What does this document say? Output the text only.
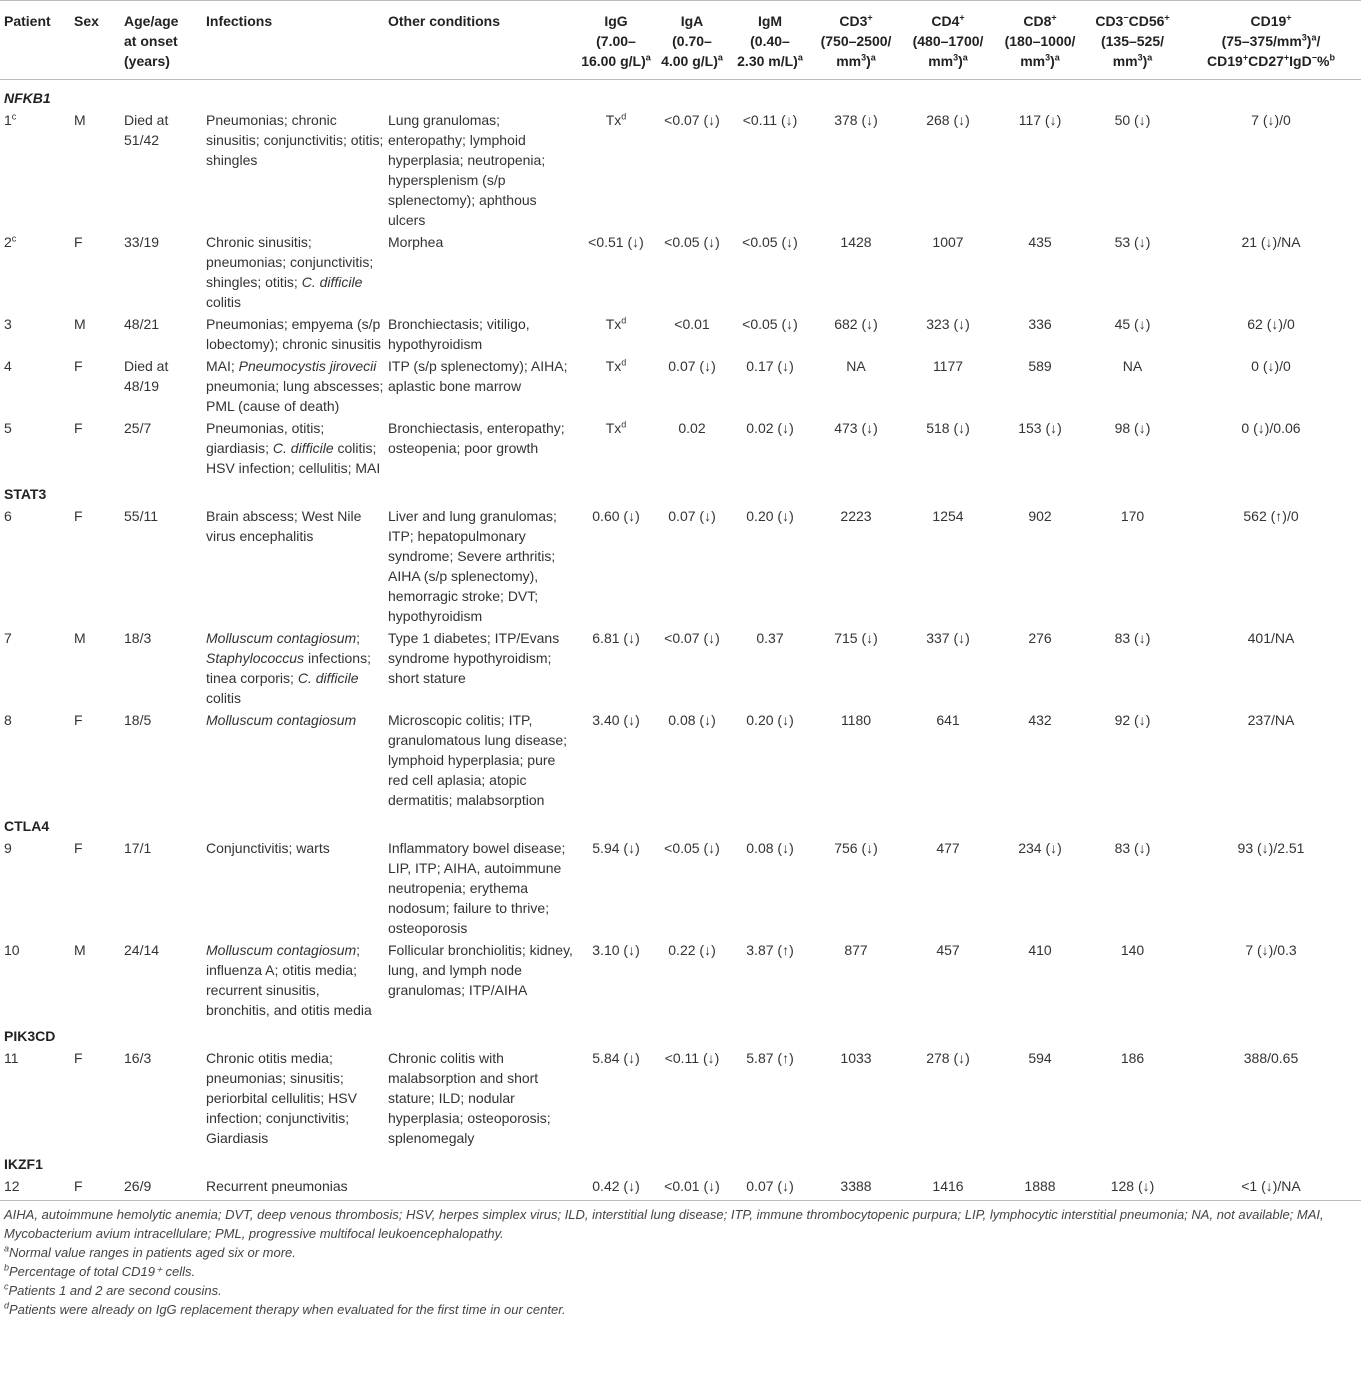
Patient	Sex	Age/age
at onset
(years)	Infections	Other conditions	IgG
(7.00–
16.00 g/L)$^a$	IgA
(0.70–
4.00 g/L)$^a$	IgM
(0.40–
2.30 m/L)$^a$	CD3+
(750–2500/
$mm^3)^a$	CD4+
(480–1700/
$mm^3)^a$	CD8+
(180–1000/
$mm^3)^a$	CD3−CD56+
(135–525/
$mm^3)^a$	CD19+
$(75-375/mm^3)^a/$
CD19+CD27+IgD−%$^b$
NFKB1												
1$^c$	M	Died at 51/42	Pneumonias; chronic sinusitis; conjunctivitis; otitis; shingles	Lung granulomas; enteropathy; lymphoid hyperplasia; neutropenia; hypersplenism (s/p splenectomy); aphthous ulcers	$Tx^d$	<0.07 (↓)	<0.11 (↓)	378 (↓)	268 (↓)	117 (↓)	50 (↓)	7 (↓)/0
2$^c$	F	33/19	Chronic sinusitis; pneumonias; conjunctivitis; shingles; otitis; C. difficile colitis	Morphea	<0.51 (↓)	<0.05 (↓)	<0.05 (↓)	1428	1007	435	53 (↓)	21 (↓)/NA
3	M	48/21	Pneumonias; empyema (s/p lobectomy); chronic sinusitis	Bronchiectasis; vitiligo, hypothyroidism	$Tx^d$	<0.01	<0.05 (↓)	682 (↓)	323 (↓)	336	45 (↓)	62 (↓)/0
4	F	Died at 48/19	MAI; Pneumocystis jirovecii pneumonia; lung abscesses; PML (cause of death)	ITP (s/p splenectomy); AIHA; aplastic bone marrow	Tx$^d$	0.07 (↓)	0.17 (↓)	NA	1177	589	NA	0 (↓)/0
5	F	25/7	Pneumonias, otitis; giardiasis; C. difficile colitis; HSV infection; cellulitis; MAI	Bronchiectasis, enteropathy; osteopenia; poor growth	Tx$^d$	0.02	0.02 (↓)	473 (↓)	518 (↓)	153 (↓)	98 (↓)	0 (↓)/0.06
STAT3												
6	F	55/11	Brain abscess; West Nile virus encephalitis	Liver and lung granulomas; ITP; hepatopulmonary syndrome; Severe arthritis; AIHA (s/p splenectomy), hemorragic stroke; DVT; hypothyroidism	0.60 (↓)	0.07 (↓)	0.20 (↓)	2223	1254	902	170	562 (↑)/0
7	M	18/3	Molluscum contagiosum; Staphylococcus infections; tinea corporis; C. difficile colitis	Type 1 diabetes; ITP/Evans syndrome hypothyroidism; short stature	6.81 (↓)	<0.07 (↓)	0.37	715 (↓)	337 (↓)	276	83 (↓)	401/NA
8	F	18/5	Molluscum contagiosum	Microscopic colitis; ITP, granulomatous lung disease; lymphoid hyperplasia; pure red cell aplasia; atopic dermatitis; malabsorption	3.40 (↓)	0.08 (↓)	0.20 (↓)	1180	641	432	92 (↓)	237/NA
CTLA4												
9	F	17/1	Conjunctivitis; warts	Inflammatory bowel disease; LIP, ITP; AIHA, autoimmune neutropenia; erythema nodosum; failure to thrive; osteoporosis	5.94 (↓)	<0.05 (↓)	0.08 (↓)	756 (↓)	477	234 (↓)	83 (↓)	93 (↓)/2.51
10	M	24/14	Molluscum contagiosum; influenza A; otitis media; recurrent sinusitis, bronchitis, and otitis media	Follicular bronchiolitis; kidney, lung, and lymph node granulomas; ITP/AIHA	3.10 (↓)	0.22 (↓)	3.87 (↑)	877	457	410	140	7 (↓)/0.3
PIK3CD												
11	F	16/3	Chronic otitis media; pneumonias; sinusitis; periorbital cellulitis; HSV infection; conjunctivitis; Giardiasis	Chronic colitis with malabsorption and short stature; ILD; nodular hyperplasia; osteoporosis; splenomegaly	5.84 (↓)	<0.11 (↓)	5.87 (↑)	1033	278 (↓)	594	186	388/0.65
IKZF1												
12	F	26/9	Recurrent pneumonias		0.42 (↓)	<0.01 (↓)	0.07 (↓)	3388	1416	1888	128 (↓)	<1 (↓)/NA
AIHA, autoimmune hemolytic anemia; DVT, deep venous thrombosis; HSV, herpes simplex virus; ILD, interstitial lung disease; ITP, immune thrombocytopenic purpura; LIP, lymphocytic interstitial pneumonia; NA, not available; MAI, Mycobacterium avium intracellulare; PML, progressive multifocal leukoencephalopathy.
$^a$Normal value ranges in patients aged six or more.
$^b$Percentage of total CD19⁺ cells.
$^c$Patients 1 and 2 are second cousins.
$^d$Patients were already on IgG replacement therapy when evaluated for the first time in our center.
